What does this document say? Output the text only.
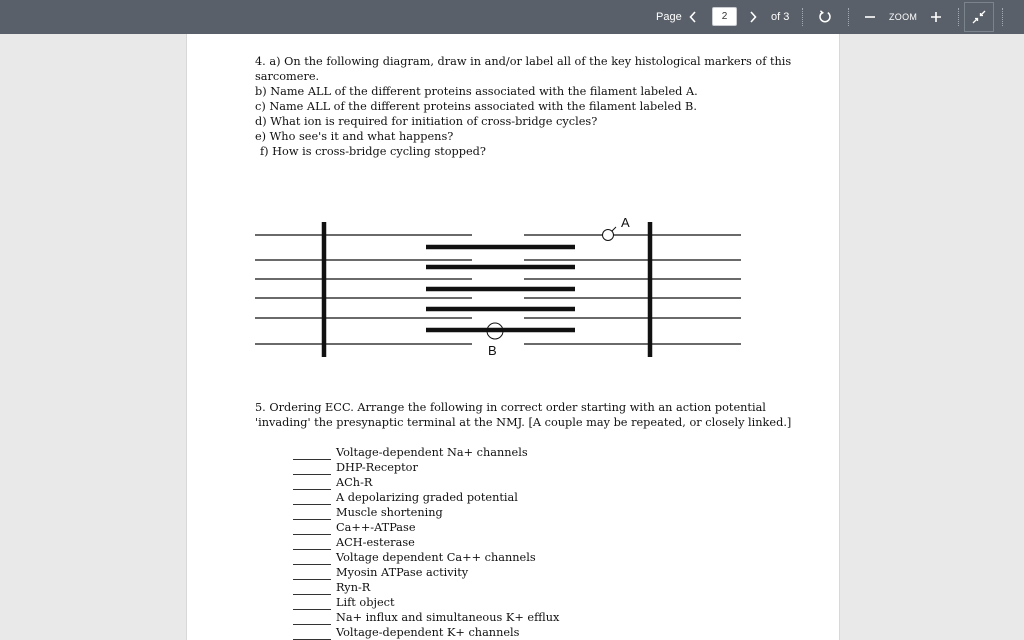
Page
2	of 3	ZOOM
4. a) On the following diagram, draw in and/or label all of the key histological markers of this
sarcomere.
b) Name ALL of the different proteins associated with the filament labeled A.
c) Name ALL of the different proteins associated with the filament labeled B.
d) What ion is required for initiation of cross-bridge cycles?
e) Who see's it and what happens?
f) How is cross-bridge cycling stopped?
A
B
5. Ordering ECC. Arrange the following in correct order starting with an action potential
'invading' the presynaptic terminal at the NMJ. [A couple may be repeated, or closely linked.]
Voltage-dependent Na+ channels
DHP-Receptor
ACh-R
A depolarizing graded potential
Muscle shortening
Ca++-ATPase
ACH-esterase
Voltage dependent Ca++ channels
Myosin ATPase activity
Ryn-R
Lift object
Na+ influx and simultaneous K+ efflux
Voltage-dependent K+ channels
